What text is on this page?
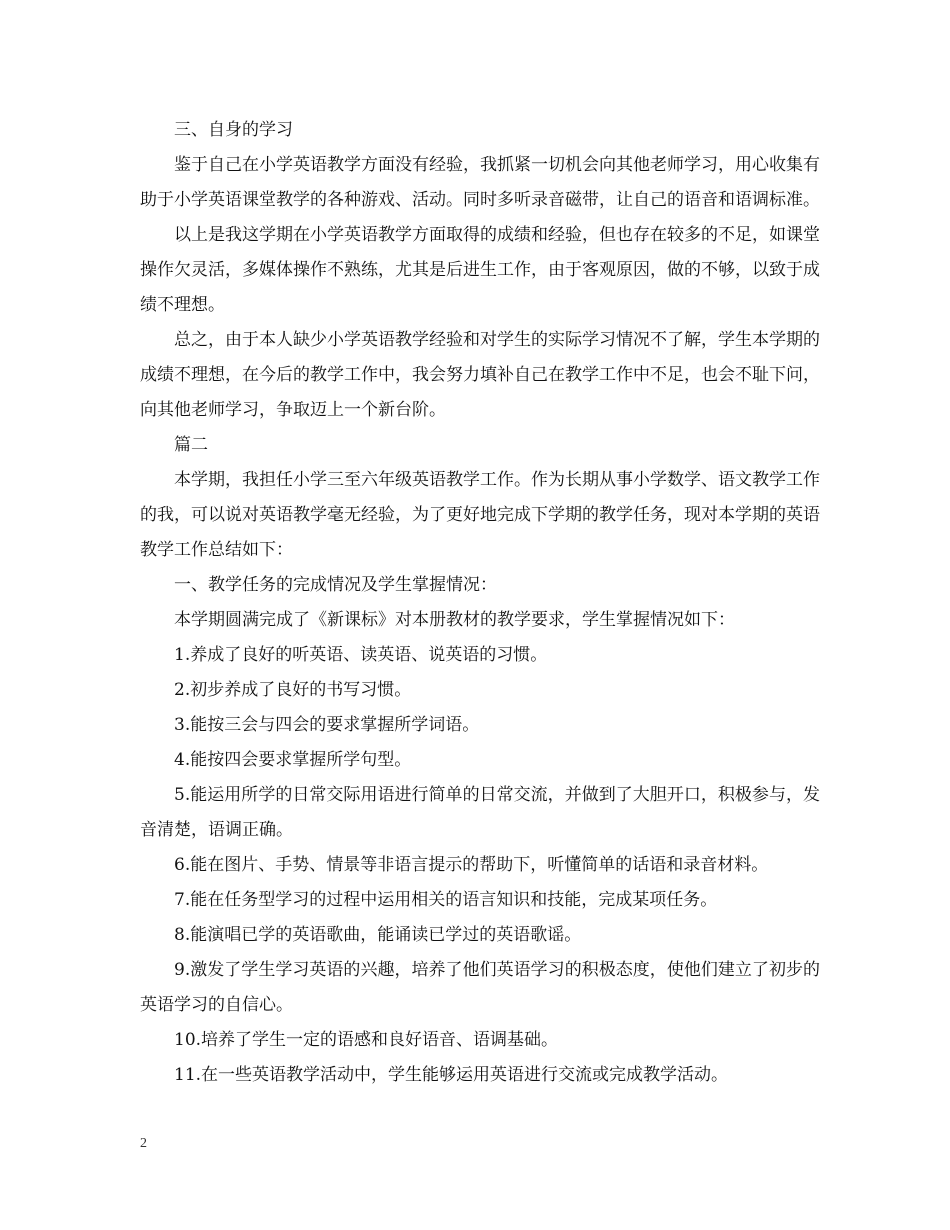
三、自身的学习

鉴于自己在小学英语教学方面没有经验，我抓紧一切机会向其他老师学习，用心收集有助于小学英语课堂教学的各种游戏、活动。同时多听录音磁带，让自己的语音和语调标准。

以上是我这学期在小学英语教学方面取得的成绩和经验，但也存在较多的不足，如课堂操作欠灵活，多媒体操作不熟练，尤其是后进生工作，由于客观原因，做的不够，以致于成绩不理想。

总之，由于本人缺少小学英语教学经验和对学生的实际学习情况不了解，学生本学期的成绩不理想，在今后的教学工作中，我会努力填补自己在教学工作中不足，也会不耻下问，向其他老师学习，争取迈上一个新台阶。

篇二

本学期，我担任小学三至六年级英语教学工作。作为长期从事小学数学、语文教学工作的我，可以说对英语教学毫无经验，为了更好地完成下学期的教学任务，现对本学期的英语教学工作总结如下：

一、教学任务的完成情况及学生掌握情况：

本学期圆满完成了《新课标》对本册教材的教学要求，学生掌握情况如下：

1.养成了良好的听英语、读英语、说英语的习惯。

2.初步养成了良好的书写习惯。

3.能按三会与四会的要求掌握所学词语。

4.能按四会要求掌握所学句型。

5.能运用所学的日常交际用语进行简单的日常交流，并做到了大胆开口，积极参与，发音清楚，语调正确。

6.能在图片、手势、情景等非语言提示的帮助下，听懂简单的话语和录音材料。

7.能在任务型学习的过程中运用相关的语言知识和技能，完成某项任务。

8.能演唱已学的英语歌曲，能诵读已学过的英语歌谣。

9.激发了学生学习英语的兴趣，培养了他们英语学习的积极态度，使他们建立了初步的英语学习的自信心。

10.培养了学生一定的语感和良好语音、语调基础。

11.在一些英语教学活动中，学生能够运用英语进行交流或完成教学活动。

2
